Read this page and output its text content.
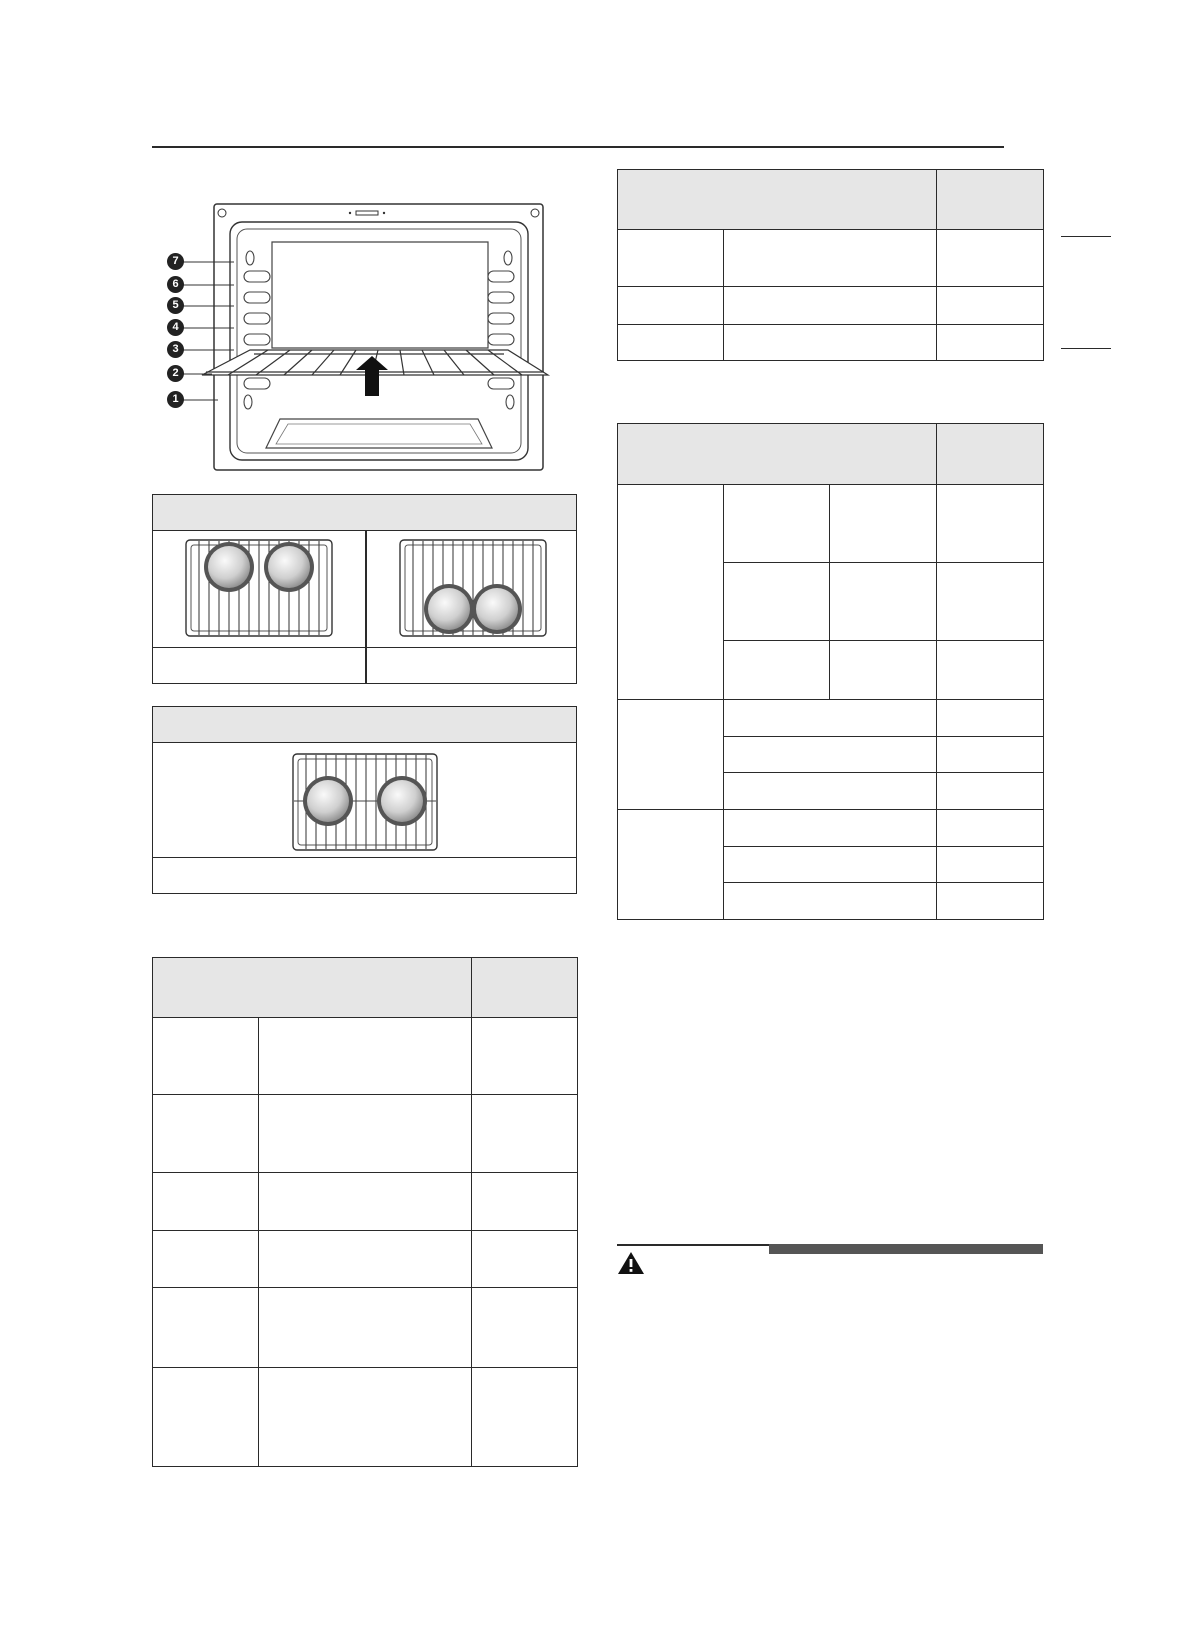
7
6
5
4
3
2
1
